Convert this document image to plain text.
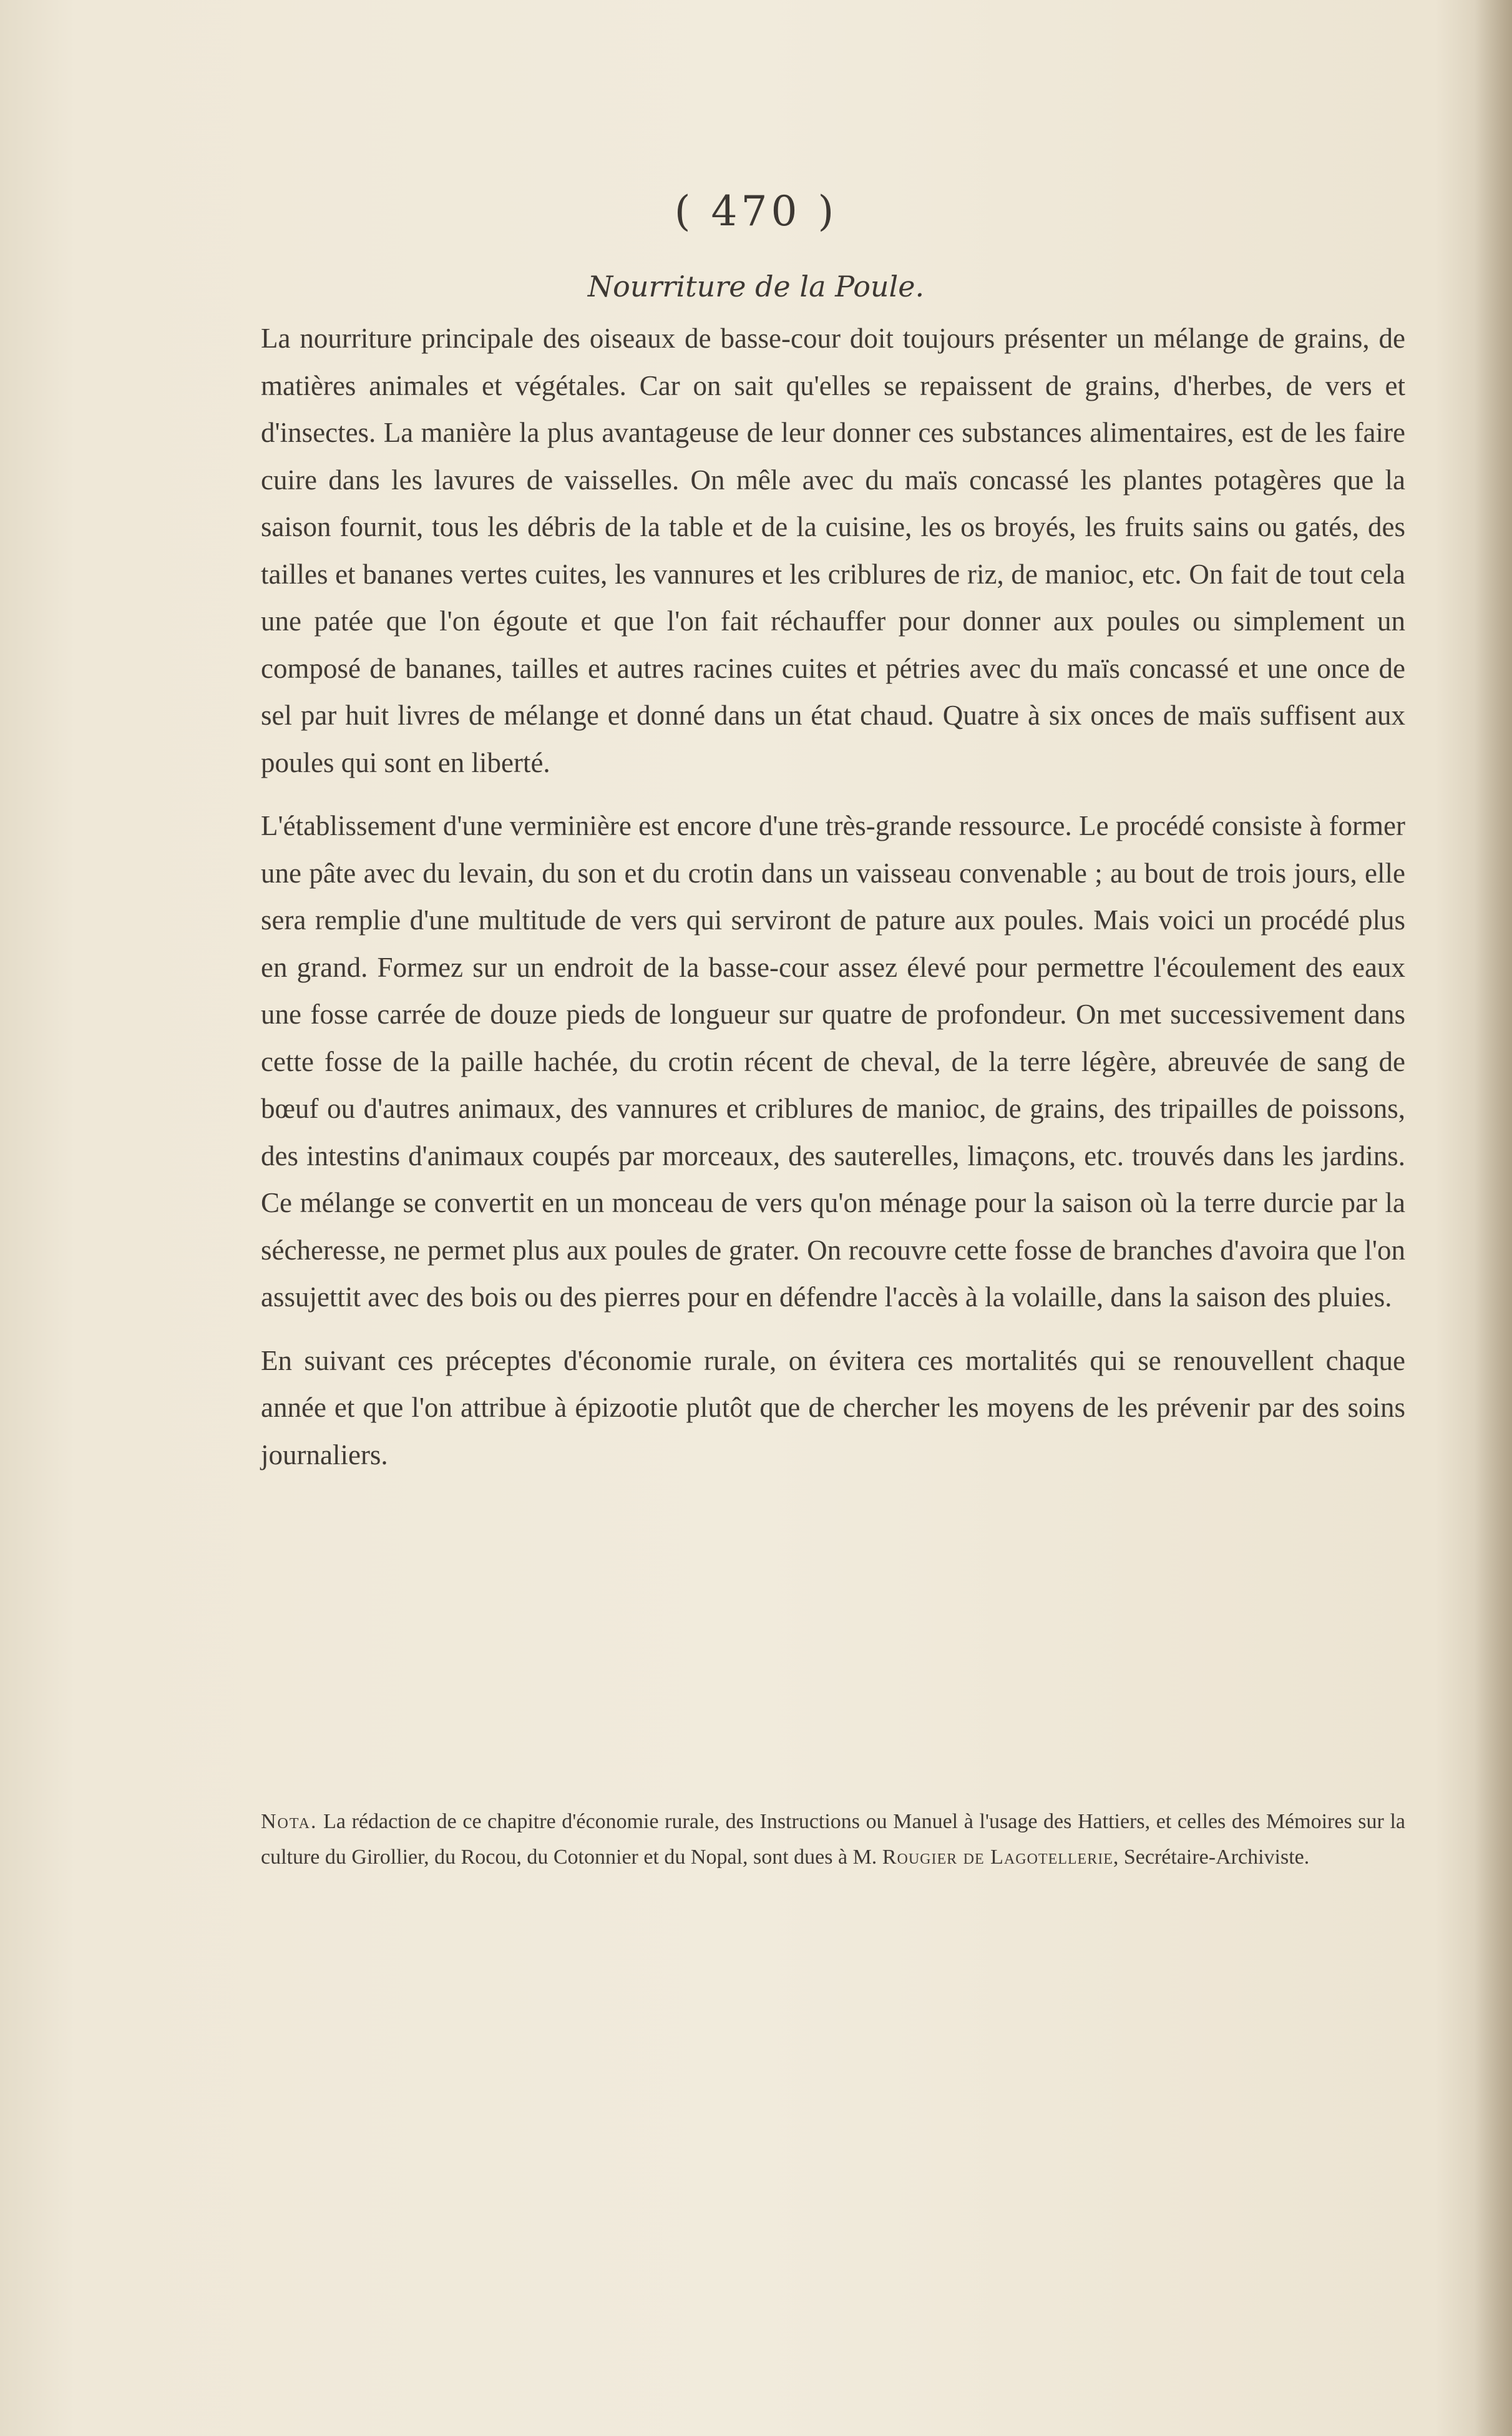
( 470 )
Nourriture de la Poule.

La nourriture principale des oiseaux de basse-cour doit toujours présenter un mélange de grains, de matières animales et végétales. Car on sait qu'elles se repaissent de grains, d'herbes, de vers et d'insectes. La manière la plus avantageuse de leur donner ces substances alimentaires, est de les faire cuire dans les lavures de vaisselles. On mêle avec du maïs concassé les plantes potagères que la saison fournit, tous les débris de la table et de la cuisine, les os broyés, les fruits sains ou gatés, des tailles et bananes vertes cuites, les vannures et les criblures de riz, de manioc, etc. On fait de tout cela une patée que l'on égoute et que l'on fait réchauffer pour donner aux poules ou simplement un composé de bananes, tailles et autres racines cuites et pétries avec du maïs concassé et une once de sel par huit livres de mélange et donné dans un état chaud. Quatre à six onces de maïs suffisent aux poules qui sont en liberté.

L'établissement d'une verminière est encore d'une très-grande ressource. Le procédé consiste à former une pâte avec du levain, du son et du crotin dans un vaisseau convenable ; au bout de trois jours, elle sera remplie d'une multitude de vers qui serviront de pature aux poules. Mais voici un procédé plus en grand. Formez sur un endroit de la basse-cour assez élevé pour permettre l'écoulement des eaux une fosse carrée de douze pieds de longueur sur quatre de profondeur. On met successivement dans cette fosse de la paille hachée, du crotin récent de cheval, de la terre légère, abreuvée de sang de bœuf ou d'autres animaux, des vannures et criblures de manioc, de grains, des tripailles de poissons, des intestins d'animaux coupés par morceaux, des sauterelles, limaçons, etc. trouvés dans les jardins. Ce mélange se convertit en un monceau de vers qu'on ménage pour la saison où la terre durcie par la sécheresse, ne permet plus aux poules de grater. On recouvre cette fosse de branches d'avoira que l'on assujettit avec des bois ou des pierres pour en défendre l'accès à la volaille, dans la saison des pluies.

En suivant ces préceptes d'économie rurale, on évitera ces mortalités qui se renouvellent chaque année et que l'on attribue à épizootie plutôt que de chercher les moyens de les prévenir par des soins journaliers.

Nota. La rédaction de ce chapitre d'économie rurale, des Instructions ou Manuel à l'usage des Hattiers, et celles des Mémoires sur la culture du Girollier, du Rocou, du Cotonnier et du Nopal, sont dues à M. Rougier de Lagotellerie, Secrétaire-Archiviste.
